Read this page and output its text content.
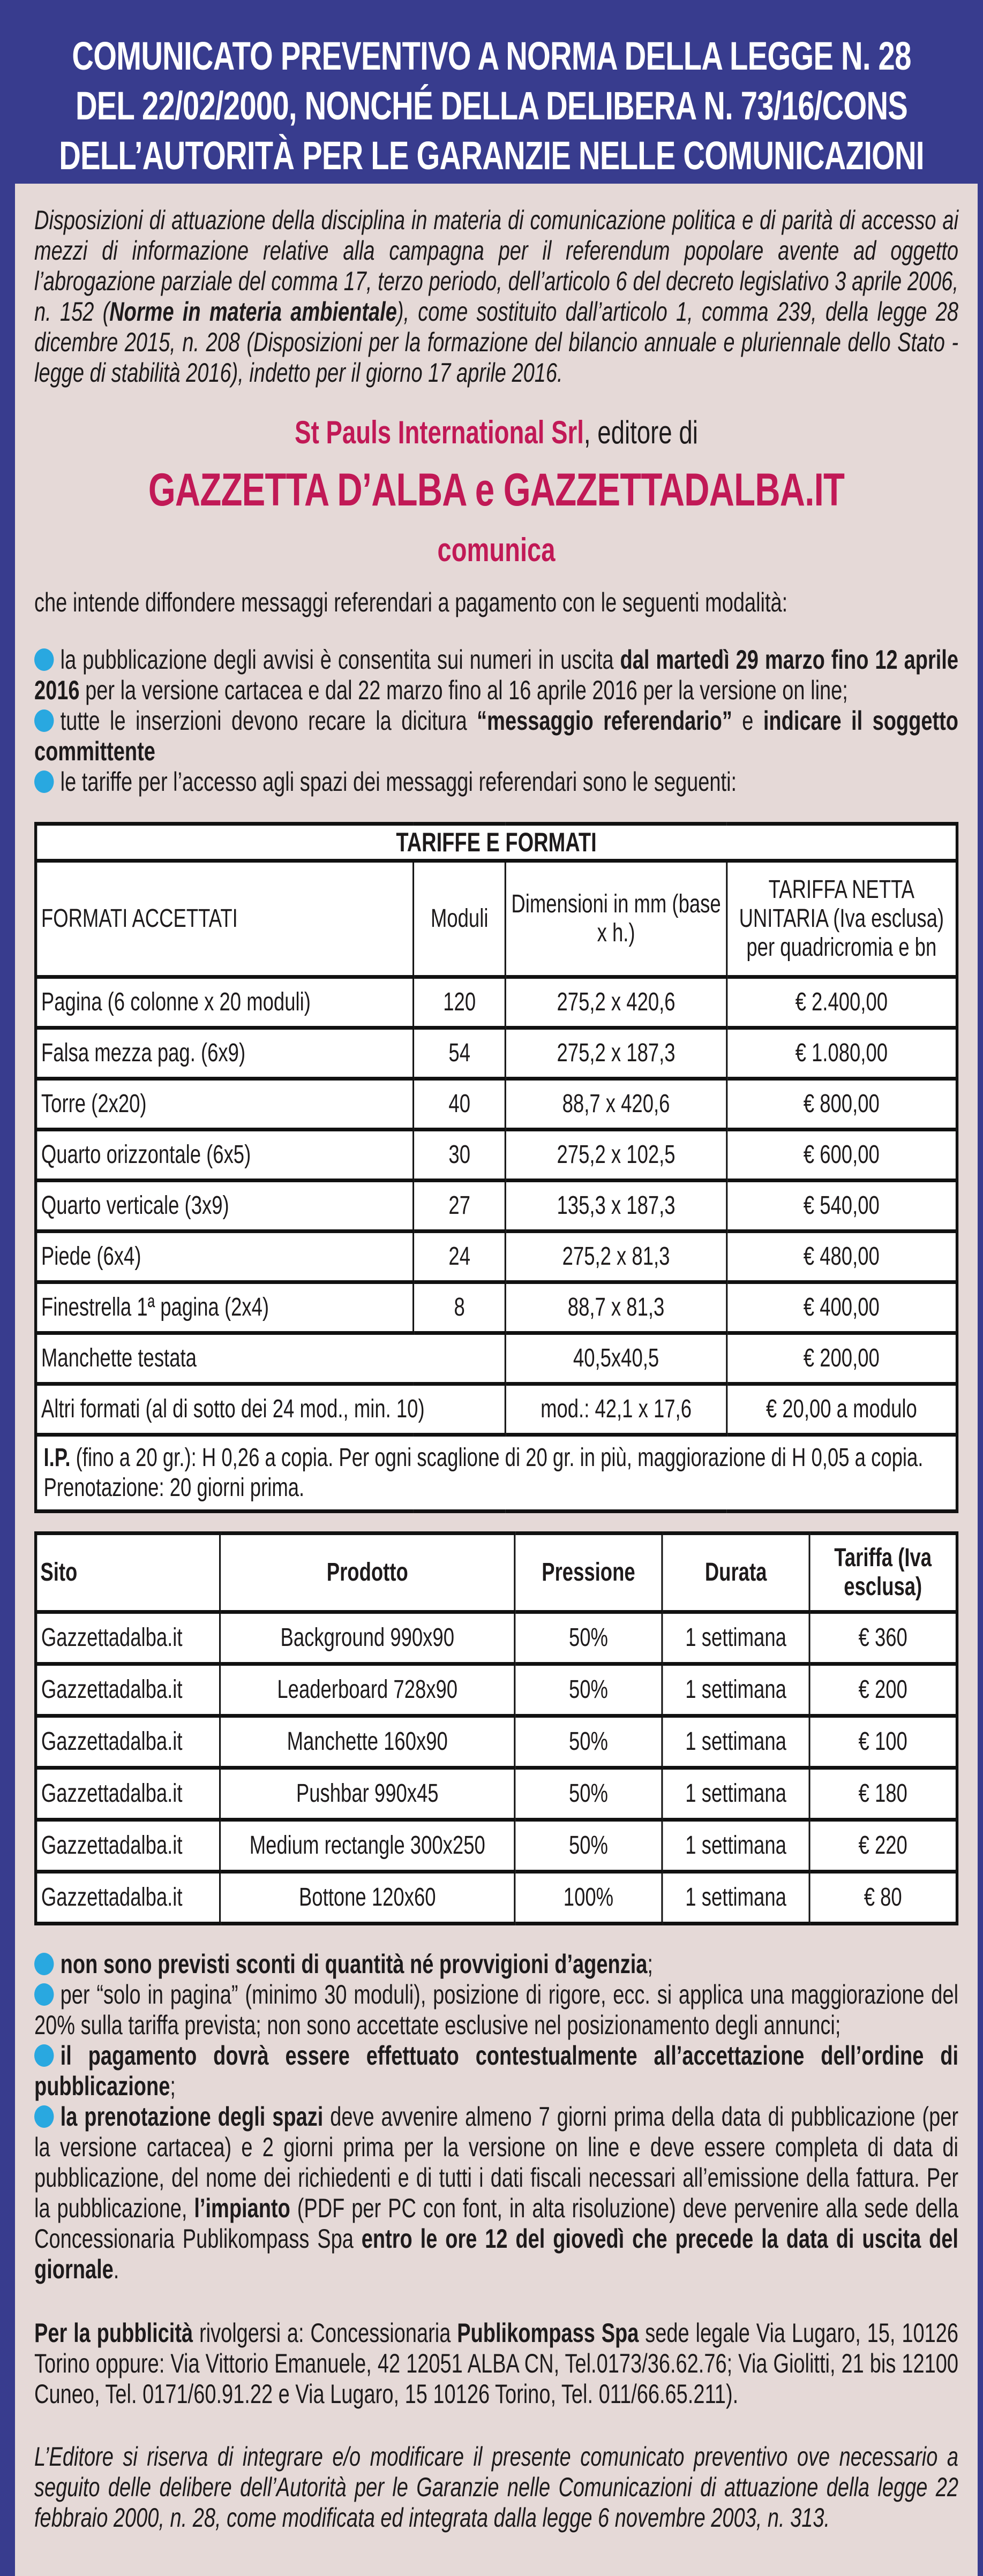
COMUNICATO PREVENTIVO A NORMA DELLA LEGGE N. 28
DEL 22/02/2000, NONCHÉ DELLA DELIBERA N. 73/16/CONS
DELL’AUTORITÀ PER LE GARANZIE NELLE COMUNICAZIONI

Disposizioni di attuazione della disciplina in materia di comunicazione politica e di parità di accesso ai mezzi di informazione relative alla campagna per il referendum popolare avente ad oggetto l’abrogazione parziale del comma 17, terzo periodo, dell’articolo 6 del decreto legislativo 3 aprile 2006, n. 152 (Norme in materia ambientale), come sostituito dall’articolo 1, comma 239, della legge 28 dicembre 2015, n. 208 (Disposizioni per la formazione del bilancio annuale e pluriennale dello Stato - legge di stabilità 2016), indetto per il giorno 17 aprile 2016.

St Pauls International Srl, editore di
GAZZETTA D’ALBA e GAZZETTADALBA.IT
comunica

che intende diffondere messaggi referendari a pagamento con le seguenti modalità:

la pubblicazione degli avvisi è consentita sui numeri in uscita dal martedì 29 marzo fino 12 aprile 2016 per la versione cartacea e dal 22 marzo fino al 16 aprile 2016 per la versione on line;
tutte le inserzioni devono recare la dicitura “messaggio referendario” e indicare il soggetto committente
le tariffe per l’accesso agli spazi dei messaggi referendari sono le seguenti:
TARIFFE E FORMATI			
FORMATI ACCETTATI	Moduli	Dimensioni in mm (base x h.)	TARIFFA NETTA UNITARIA (Iva esclusa) per quadricromia e bn
Pagina (6 colonne x 20 moduli)	120	275,2 x 420,6	€ 2.400,00
Falsa mezza pag. (6x9)	54	275,2 x 187,3	€ 1.080,00
Torre (2x20)	40	88,7 x 420,6	€ 800,00
Quarto orizzontale (6x5)	30	275,2 x 102,5	€ 600,00
Quarto verticale (3x9)	27	135,3 x 187,3	€ 540,00
Piede (6x4)	24	275,2 x 81,3	€ 480,00
Finestrella 1ª pagina (2x4)	8	88,7 x 81,3	€ 400,00
Manchette testata		40,5x40,5	€ 200,00
Altri formati (al di sotto dei 24 mod., min. 10)		mod.: 42,1 x 17,6	€ 20,00 a modulo
I.P. (fino a 20 gr.): H 0,26 a copia. Per ogni scaglione di 20 gr. in più, maggiorazione di H 0,05 a copia. Prenotazione: 20 giorni prima.			
Sito	Prodotto	Pressione	Durata	Tariffa (Iva esclusa)
Gazzettadalba.it	Background 990x90	50%	1 settimana	€ 360
Gazzettadalba.it	Leaderboard 728x90	50%	1 settimana	€ 200
Gazzettadalba.it	Manchette 160x90	50%	1 settimana	€ 100
Gazzettadalba.it	Pushbar 990x45	50%	1 settimana	€ 180
Gazzettadalba.it	Medium rectangle 300x250	50%	1 settimana	€ 220
Gazzettadalba.it	Bottone 120x60	100%	1 settimana	€ 80
non sono previsti sconti di quantità né provvigioni d’agenzia;
per “solo in pagina” (minimo 30 moduli), posizione di rigore, ecc. si applica una maggiorazione del 20% sulla tariffa prevista; non sono accettate esclusive nel posizionamento degli annunci;
il pagamento dovrà essere effettuato contestualmente all’accettazione dell’ordine di pubblicazione;
la prenotazione degli spazi deve avvenire almeno 7 giorni prima della data di pubblicazione (per la versione cartacea) e 2 giorni prima per la versione on line e deve essere completa di data di pubblicazione, del nome dei richiedenti e di tutti i dati fiscali necessari all’emissione della fattura. Per la pubblicazione, l’impianto (PDF per PC con font, in alta risoluzione) deve pervenire alla sede della Concessionaria Publikompass Spa entro le ore 12 del giovedì che precede la data di uscita del giornale.

Per la pubblicità rivolgersi a: Concessionaria Publikompass Spa sede legale Via Lugaro, 15, 10126 Torino oppure: Via Vittorio Emanuele, 42 12051 ALBA CN, Tel.0173/36.62.76; Via Giolitti, 21 bis 12100 Cuneo, Tel. 0171/60.91.22 e Via Lugaro, 15 10126 Torino, Tel. 011/66.65.211).

L’Editore si riserva di integrare e/o modificare il presente comunicato preventivo ove necessario a seguito delle delibere dell’Autorità per le Garanzie nelle Comunicazioni di attuazione della legge 22 febbraio 2000, n. 28, come modificata ed integrata dalla legge 6 novembre 2003, n. 313.
